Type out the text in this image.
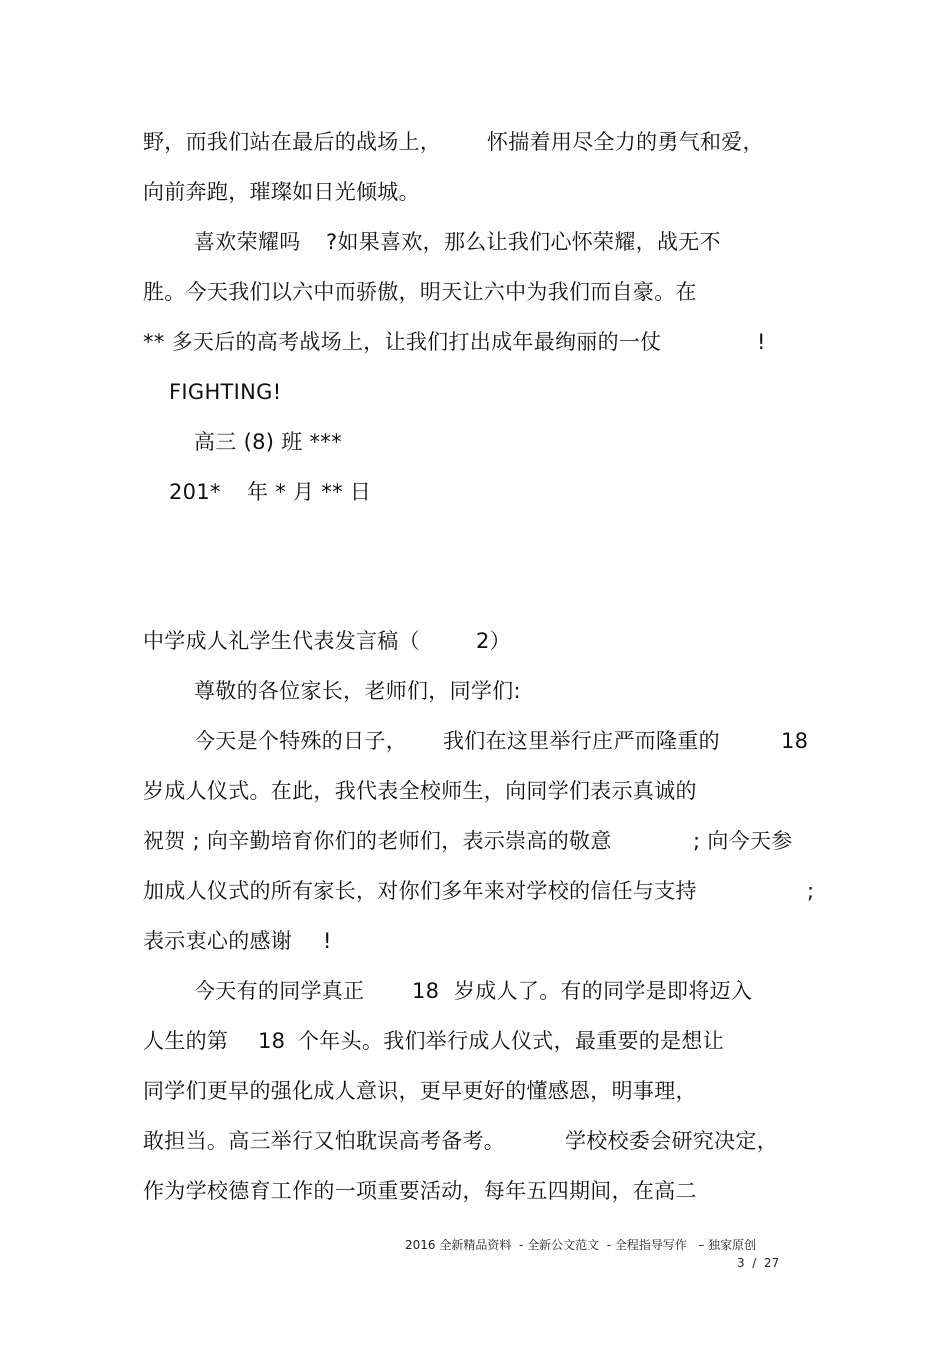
野，而我们站在最后的战场上，

怀揣着用尽全力的勇气和爱，

向前奔跑，璀璨如日光倾城。

喜欢荣耀吗

?如果喜欢，那么让我们心怀荣耀，战无不

胜。今天我们以六中而骄傲，明天让六中为我们而自豪。在

** 多天后的高考战场上，让我们打出成年最绚丽的一仗

	!

FIGHTING!

高三 (8) 班 ***

201*

年 * 月 ** 日

中学成人礼学生代表发言稿（

	2）

尊敬的各位家长，老师们，同学们:

今天是个特殊的日子，

我们在这里举行庄严而隆重的

	18

岁成人仪式。在此，我代表全校师生，向同学们表示真诚的

祝贺 ; 向辛勤培育你们的老师们，表示崇高的敬意

	; 向今天参

加成人仪式的所有家长，对你们多年来对学校的信任与支持

	;

表示衷心的感谢

!

今天有的同学真正

18

岁成人了。有的同学是即将迈入

人生的第

18

个年头。我们举行成人仪式，最重要的是想让

同学们更早的强化成人意识，更早更好的懂感恩，明事理，

敢担当。高三举行又怕耽误高考备考。

	学校校委会研究决定，

作为学校德育工作的一项重要活动，每年五四期间，在高二

2016 全新精品资料  - 全新公文范文  - 全程指导写作   – 独家原创
3  /  27
